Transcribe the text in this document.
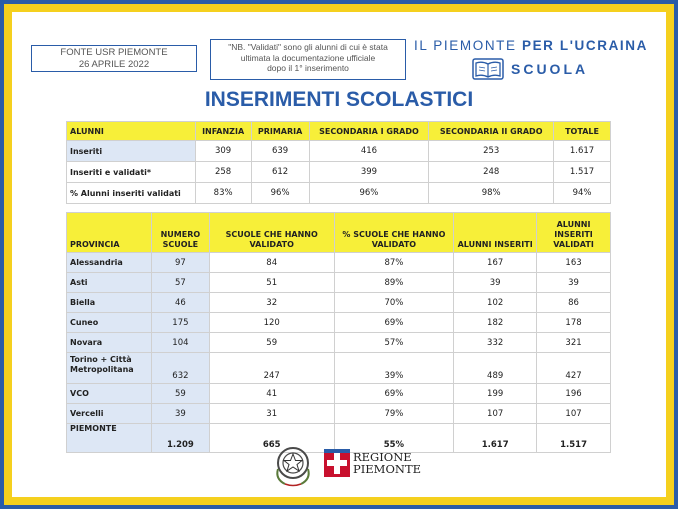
FONTE USR PIEMONTE
26 APRILE 2022
"NB. "Validati" sono gli alunni di cui è stata
ultimata la documentazione ufficiale
dopo il 1° inserimento
IL PIEMONTE PER L'UCRAINA
SCUOLA
INSERIMENTI SCOLASTICI
ALUNNI	INFANZIA	PRIMARIA	SECONDARIA I GRADO	SECONDARIA II GRADO	TOTALE
Inseriti	309	639	416	253	1.617
Inseriti e validati*	258	612	399	248	1.517
% Alunni inseriti validati	83%	96%	96%	98%	94%
PROVINCIA	NUMERO SCUOLE	SCUOLE CHE HANNO VALIDATO	% SCUOLE CHE HANNO VALIDATO	ALUNNI INSERITI	ALUNNI INSERITI VALIDATI
Alessandria	97	84	87%	167	163
Asti	57	51	89%	39	39
Biella	46	32	70%	102	86
Cuneo	175	120	69%	182	178
Novara	104	59	57%	332	321
Torino + Città Metropolitana	632	247	39%	489	427
VCO	59	41	69%	199	196
Vercelli	39	31	79%	107	107
PIEMONTE	1.209	665	55%	1.617	1.517
REGIONE
PIEMONTE
